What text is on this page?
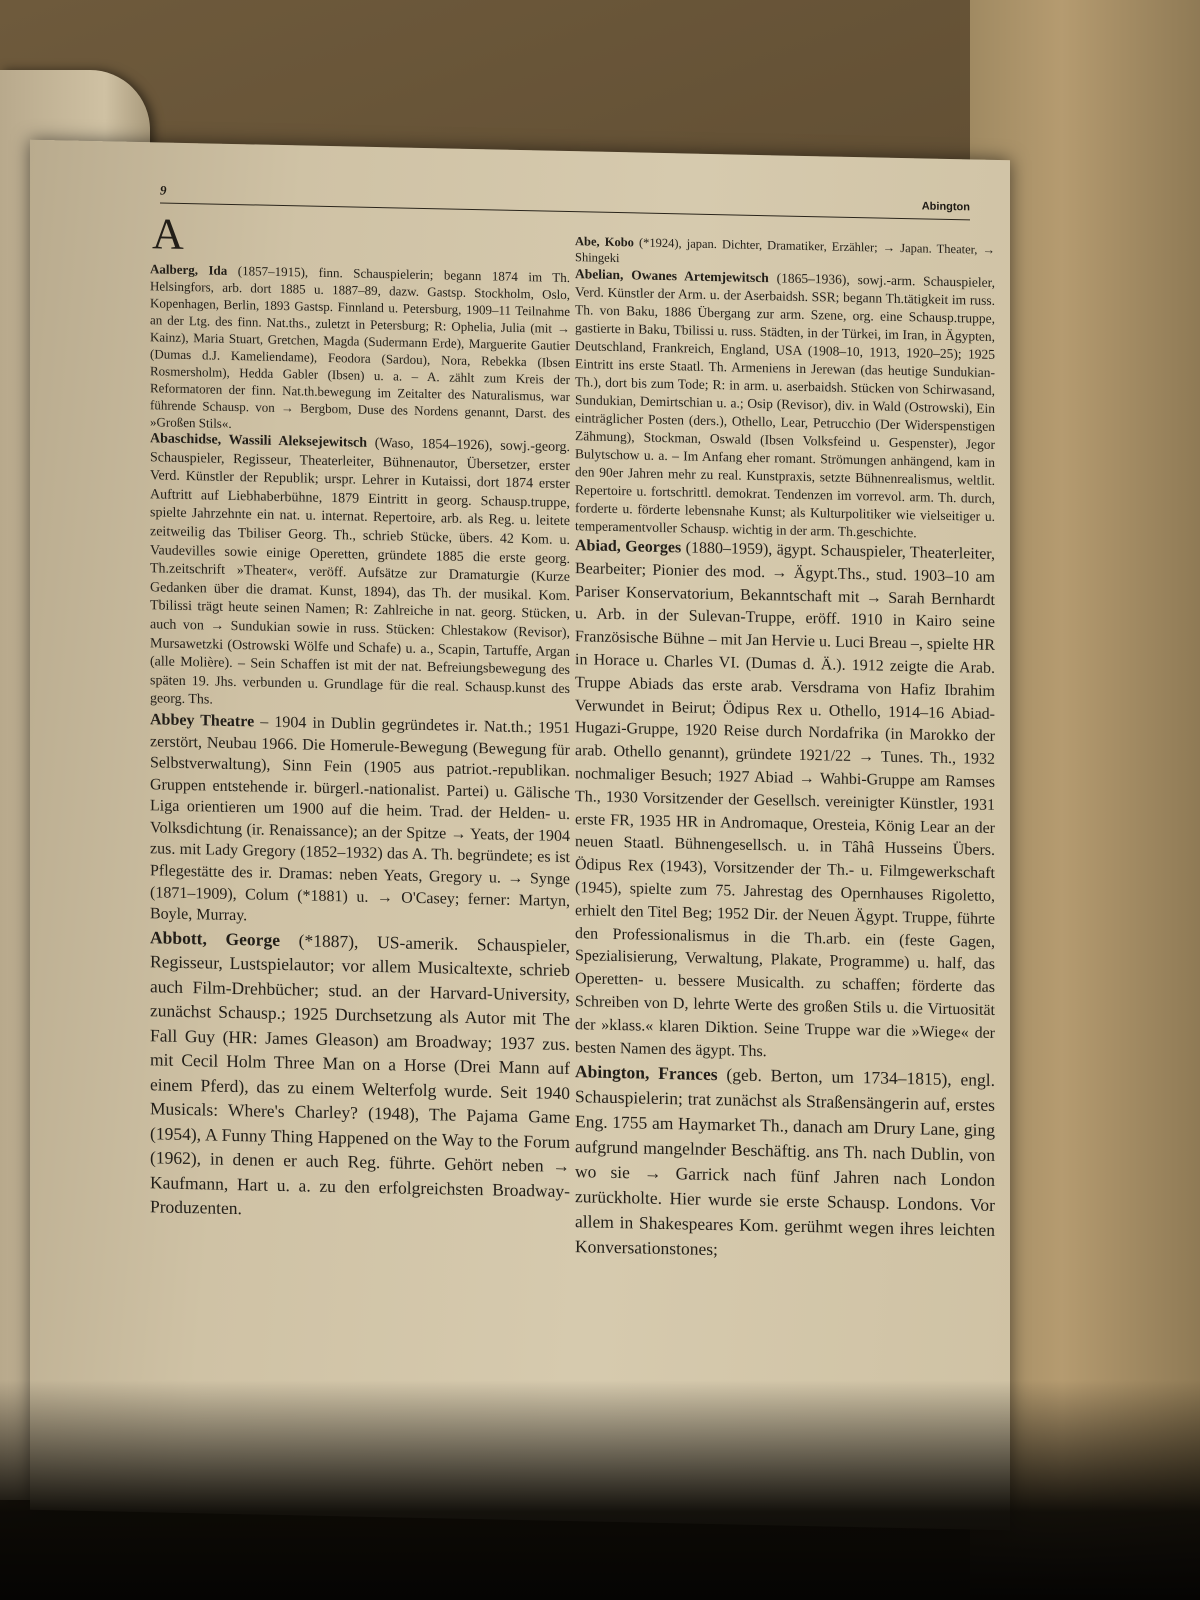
9
Abington
A

Aalberg, Ida (1857–1915), finn. Schauspielerin; begann 1874 im Th. Helsingfors, arb. dort 1885 u. 1887–89, dazw. Gastsp. Stockholm, Oslo, Kopenhagen, Berlin, 1893 Gastsp. Finnland u. Petersburg, 1909–11 Teilnahme an der Ltg. des finn. Nat.ths., zuletzt in Petersburg; R: Ophelia, Julia (mit → Kainz), Maria Stuart, Gretchen, Magda (Sudermann Erde), Marguerite Gautier (Dumas d.J. Kameliendame), Feodora (Sardou), Nora, Rebekka (Ibsen Rosmersholm), Hedda Gabler (Ibsen) u. a. – A. zählt zum Kreis der Reformatoren der finn. Nat.th.bewegung im Zeitalter des Naturalismus, war führende Schausp. von → Bergbom, Duse des Nordens genannt, Darst. des »Großen Stils«.

Abaschidse, Wassili Aleksejewitsch (Waso, 1854–1926), sowj.-georg. Schauspieler, Regisseur, Theaterleiter, Bühnenautor, Übersetzer, erster Verd. Künstler der Republik; urspr. Lehrer in Kutaissi, dort 1874 erster Auftritt auf Liebhaberbühne, 1879 Eintritt in georg. Schausp.truppe, spielte Jahrzehnte ein nat. u. internat. Repertoire, arb. als Reg. u. leitete zeitweilig das Tbiliser Georg. Th., schrieb Stücke, übers. 42 Kom. u. Vaudevilles sowie einige Operetten, gründete 1885 die erste georg. Th.zeitschrift »Theater«, veröff. Aufsätze zur Dramaturgie (Kurze Gedanken über die dramat. Kunst, 1894), das Th. der musikal. Kom. Tbilissi trägt heute seinen Namen; R: Zahlreiche in nat. georg. Stücken, auch von → Sundukian sowie in russ. Stücken: Chlestakow (Revisor), Mursawetzki (Ostrowski Wölfe und Schafe) u. a., Scapin, Tartuffe, Argan (alle Molière). – Sein Schaffen ist mit der nat. Befreiungsbewegung des späten 19. Jhs. verbunden u. Grundlage für die real. Schausp.kunst des georg. Ths.

Abbey Theatre – 1904 in Dublin gegründetes ir. Nat.th.; 1951 zerstört, Neubau 1966. Die Homerule-Bewegung (Bewegung für Selbstverwaltung), Sinn Fein (1905 aus patriot.-republikan. Gruppen entstehende ir. bürgerl.-nationalist. Partei) u. Gälische Liga orientieren um 1900 auf die heim. Trad. der Helden- u. Volksdichtung (ir. Renaissance); an der Spitze → Yeats, der 1904 zus. mit Lady Gregory (1852–1932) das A. Th. begründete; es ist Pflegestätte des ir. Dramas: neben Yeats, Gregory u. → Synge (1871–1909), Colum (*1881) u. → O'Casey; ferner: Martyn, Boyle, Murray.

Abbott, George (*1887), US-amerik. Schauspieler, Regisseur, Lustspielautor; vor allem Musicaltexte, schrieb auch Film-Drehbücher; stud. an der Harvard-University, zunächst Schausp.; 1925 Durchsetzung als Autor mit The Fall Guy (HR: James Gleason) am Broadway; 1937 zus. mit Cecil Holm Three Man on a Horse (Drei Mann auf einem Pferd), das zu einem Welterfolg wurde. Seit 1940 Musicals: Where's Charley? (1948), The Pajama Game (1954), A Funny Thing Happened on the Way to the Forum (1962), in denen er auch Reg. führte. Gehört neben → Kaufmann, Hart u. a. zu den erfolgreichsten Broadway-Produzenten.

Abe, Kobo (*1924), japan. Dichter, Dramatiker, Erzähler; → Japan. Theater, → Shingeki

Abelian, Owanes Artemjewitsch (1865–1936), sowj.-arm. Schauspieler, Verd. Künstler der Arm. u. der Aserbaidsh. SSR; begann Th.tätigkeit im russ. Th. von Baku, 1886 Übergang zur arm. Szene, org. eine Schausp.truppe, gastierte in Baku, Tbilissi u. russ. Städten, in der Türkei, im Iran, in Ägypten, Deutschland, Frankreich, England, USA (1908–10, 1913, 1920–25); 1925 Eintritt ins erste Staatl. Th. Armeniens in Jerewan (das heutige Sundukian-Th.), dort bis zum Tode; R: in arm. u. aserbaidsh. Stücken von Schirwasand, Sundukian, Demirtschian u. a.; Osip (Revisor), div. in Wald (Ostrowski), Ein einträglicher Posten (ders.), Othello, Lear, Petrucchio (Der Widerspenstigen Zähmung), Stockman, Oswald (Ibsen Volksfeind u. Gespenster), Jegor Bulytschow u. a. – Im Anfang eher romant. Strömungen anhängend, kam in den 90er Jahren mehr zu real. Kunstpraxis, setzte Bühnenrealismus, weltlit. Repertoire u. fortschrittl. demokrat. Tendenzen im vorrevol. arm. Th. durch, forderte u. förderte lebensnahe Kunst; als Kulturpolitiker wie vielseitiger u. temperamentvoller Schausp. wichtig in der arm. Th.geschichte.

Abiad, Georges (1880–1959), ägypt. Schauspieler, Theaterleiter, Bearbeiter; Pionier des mod. → Ägypt.Ths., stud. 1903–10 am Pariser Konservatorium, Bekanntschaft mit → Sarah Bernhardt u. Arb. in der Sulevan-Truppe, eröff. 1910 in Kairo seine Französische Bühne – mit Jan Hervie u. Luci Breau –, spielte HR in Horace u. Charles VI. (Dumas d. Ä.). 1912 zeigte die Arab. Truppe Abiads das erste arab. Versdrama von Hafiz Ibrahim Verwundet in Beirut; Ödipus Rex u. Othello, 1914–16 Abiad-Hugazi-Gruppe, 1920 Reise durch Nordafrika (in Marokko der arab. Othello genannt), gründete 1921/22 → Tunes. Th., 1932 nochmaliger Besuch; 1927 Abiad → Wahbi-Gruppe am Ramses Th., 1930 Vorsitzender der Gesellsch. vereinigter Künstler, 1931 erste FR, 1935 HR in Andromaque, Oresteia, König Lear an der neuen Staatl. Bühnengesellsch. u. in Tâhâ Husseins Übers. Ödipus Rex (1943), Vorsitzender der Th.- u. Filmgewerkschaft (1945), spielte zum 75. Jahrestag des Opernhauses Rigoletto, erhielt den Titel Beg; 1952 Dir. der Neuen Ägypt. Truppe, führte den Professionalismus in die Th.arb. ein (feste Gagen, Spezialisierung, Verwaltung, Plakate, Programme) u. half, das Operetten- u. bessere Musicalth. zu schaffen; förderte das Schreiben von D, lehrte Werte des großen Stils u. die Virtuosität der »klass.« klaren Diktion. Seine Truppe war die »Wiege« der besten Namen des ägypt. Ths.

Abington, Frances (geb. Berton, um 1734–1815), engl. Schauspielerin; trat zunächst als Straßensängerin auf, erstes Eng. 1755 am Haymarket Th., danach am Drury Lane, ging aufgrund mangelnder Beschäftig. ans Th. nach Dublin, von wo sie → Garrick nach fünf Jahren nach London zurückholte. Hier wurde sie erste Schausp. Londons. Vor allem in Shakespeares Kom. gerühmt wegen ihres leichten Konversationstones;
